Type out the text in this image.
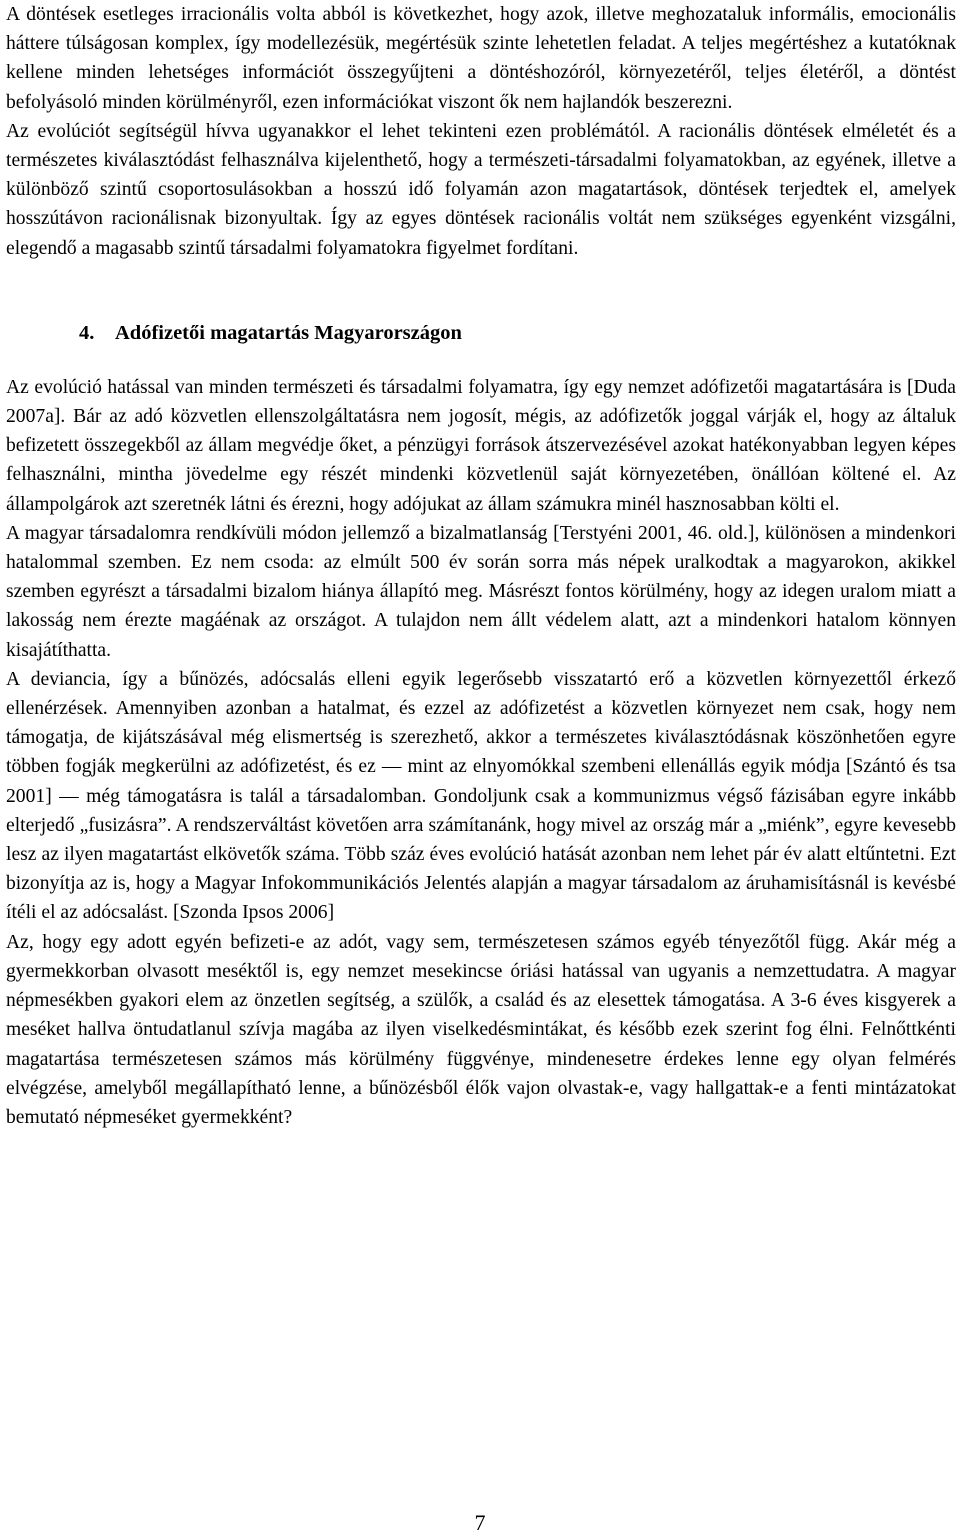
A döntések esetleges irracionális volta abból is következhet, hogy azok, illetve meghozataluk informális, emocionális háttere túlságosan komplex, így modellezésük, megértésük szinte lehetetlen feladat. A teljes megértéshez a kutatóknak kellene minden lehetséges információt összegyűjteni a döntéshozóról, környezetéről, teljes életéről, a döntést befolyásoló minden körülményről, ezen információkat viszont ők nem hajlandók beszerezni.

Az evolúciót segítségül hívva ugyanakkor el lehet tekinteni ezen problémától. A racionális döntések elméletét és a természetes kiválasztódást felhasználva kijelenthető, hogy a természeti-társadalmi folyamatokban, az egyének, illetve a különböző szintű csoportosulásokban a hosszú idő folyamán azon magatartások, döntések terjedtek el, amelyek hosszútávon racionálisnak bizonyultak. Így az egyes döntések racionális voltát nem szükséges egyenként vizsgálni, elegendő a magasabb szintű társadalmi folyamatokra figyelmet fordítani.

4. Adófizetői magatartás Magyarországon

Az evolúció hatással van minden természeti és társadalmi folyamatra, így egy nemzet adófizetői magatartására is [Duda 2007a]. Bár az adó közvetlen ellenszolgáltatásra nem jogosít, mégis, az adófizetők joggal várják el, hogy az általuk befizetett összegekből az állam megvédje őket, a pénzügyi források átszervezésével azokat hatékonyabban legyen képes felhasználni, mintha jövedelme egy részét mindenki közvetlenül saját környezetében, önállóan költené el. Az állampolgárok azt szeretnék látni és érezni, hogy adójukat az állam számukra minél hasznosabban költi el.

A magyar társadalomra rendkívüli módon jellemző a bizalmatlanság [Terstyéni 2001, 46. old.], különösen a mindenkori hatalommal szemben. Ez nem csoda: az elmúlt 500 év során sorra más népek uralkodtak a magyarokon, akikkel szemben egyrészt a társadalmi bizalom hiánya állapító meg. Másrészt fontos körülmény, hogy az idegen uralom miatt a lakosság nem érezte magáénak az országot. A tulajdon nem állt védelem alatt, azt a mindenkori hatalom könnyen kisajátíthatta.

A deviancia, így a bűnözés, adócsalás elleni egyik legerősebb visszatartó erő a közvetlen környezettől érkező ellenérzések. Amennyiben azonban a hatalmat, és ezzel az adófizetést a közvetlen környezet nem csak, hogy nem támogatja, de kijátszásával még elismertség is szerezhető, akkor a természetes kiválasztódásnak köszönhetően egyre többen fogják megkerülni az adófizetést, és ez — mint az elnyomókkal szembeni ellenállás egyik módja [Szántó és tsa 2001] — még támogatásra is talál a társadalomban. Gondoljunk csak a kommunizmus végső fázisában egyre inkább elterjedő „fusizásra”. A rendszerváltást követően arra számítanánk, hogy mivel az ország már a „miénk”, egyre kevesebb lesz az ilyen magatartást elkövetők száma. Több száz éves evolúció hatását azonban nem lehet pár év alatt eltűntetni. Ezt bizonyítja az is, hogy a Magyar Infokommunikációs Jelentés alapján a magyar társadalom az áruhamisításnál is kevésbé ítéli el az adócsalást. [Szonda Ipsos 2006]

Az, hogy egy adott egyén befizeti-e az adót, vagy sem, természetesen számos egyéb tényezőtől függ. Akár még a gyermekkorban olvasott meséktől is, egy nemzet mesekincse óriási hatással van ugyanis a nemzettudatra. A magyar népmesékben gyakori elem az önzetlen segítség, a szülők, a család és az elesettek támogatása. A 3-6 éves kisgyerek a meséket hallva öntudatlanul szívja magába az ilyen viselkedésmintákat, és később ezek szerint fog élni. Felnőttkénti magatartása természetesen számos más körülmény függvénye, mindenesetre érdekes lenne egy olyan felmérés elvégzése, amelyből megállapítható lenne, a bűnözésből élők vajon olvastak-e, vagy hallgattak-e a fenti mintázatokat bemutató népmeséket gyermekként?

7
